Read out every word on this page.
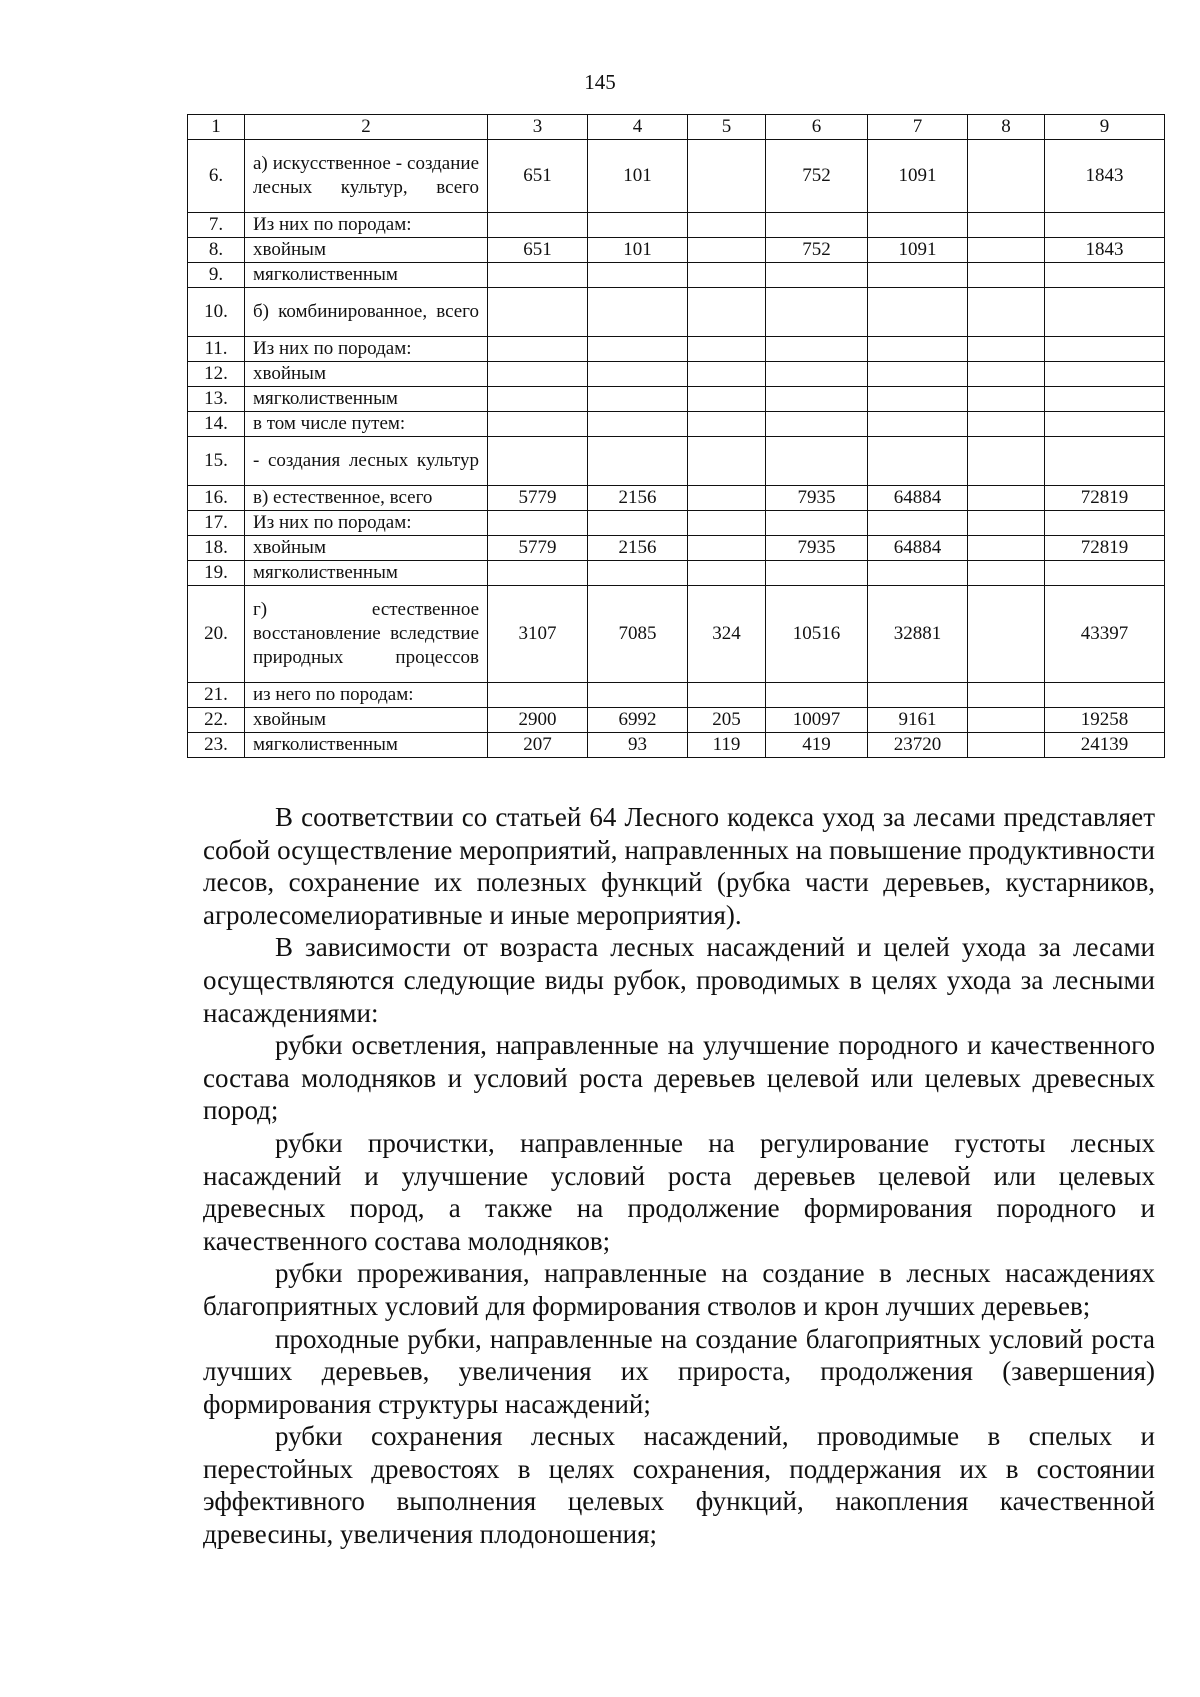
145
1	2	3	4	5	6	7	8	9
6.	а) искусственное - создание лесных культур, всего	651	101		752	1091		1843
7.	Из них по породам:							
8.	хвойным	651	101		752	1091		1843
9.	мягколиственным							
10.	б) комбинированное, всего							
11.	Из них по породам:							
12.	хвойным							
13.	мягколиственным							
14.	в том числе путем:							
15.	- создания лесных культур							
16.	в) естественное, всего	5779	2156		7935	64884		72819
17.	Из них по породам:							
18.	хвойным	5779	2156		7935	64884		72819
19.	мягколиственным							
20.	г) естественное восстановление вследствие природных процессов	3107	7085	324	10516	32881		43397
21.	из него по породам:							
22.	хвойным	2900	6992	205	10097	9161		19258
23.	мягколиственным	207	93	119	419	23720		24139

В соответствии со статьей 64 Лесного кодекса уход за лесами представляет собой осуществление мероприятий, направленных на повышение продуктивности лесов, сохранение их полезных функций (рубка части деревьев, кустарников, агролесомелиоративные и иные мероприятия).

В зависимости от возраста лесных насаждений и целей ухода за лесами осуществляются следующие виды рубок, проводимых в целях ухода за лесными насаждениями:

рубки осветления, направленные на улучшение породного и качественного состава молодняков и условий роста деревьев целевой или целевых древесных пород;

рубки прочистки, направленные на регулирование густоты лесных насаждений и улучшение условий роста деревьев целевой или целевых древесных пород, а также на продолжение формирования породного и качественного состава молодняков;

рубки прореживания, направленные на создание в лесных насаждениях благоприятных условий для формирования стволов и крон лучших деревьев;

проходные рубки, направленные на создание благоприятных условий роста лучших деревьев, увеличения их прироста, продолжения (завершения) формирования структуры насаждений;

рубки сохранения лесных насаждений, проводимые в спелых и перестойных древостоях в целях сохранения, поддержания их в состоянии эффективного выполнения целевых функций, накопления качественной древесины, увеличения плодоношения;
